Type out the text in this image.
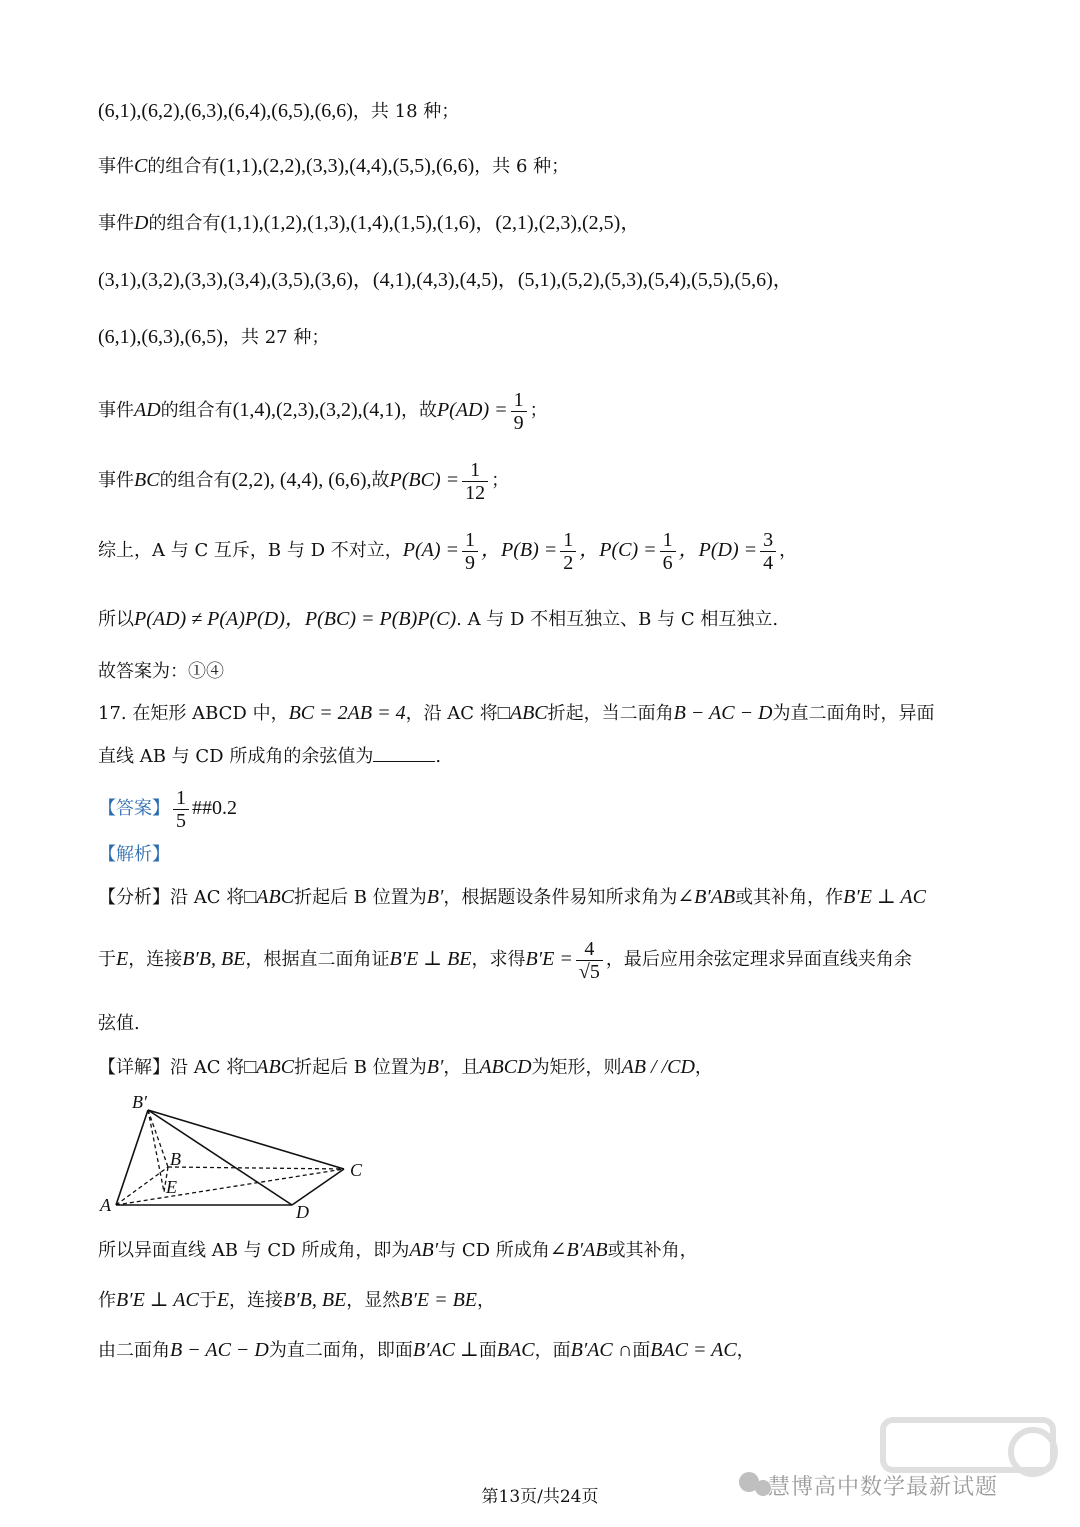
(6,1),(6,2),(6,3),(6,4),(6,5),(6,6)，共 18 种；
事件C的组合有(1,1),(2,2),(3,3),(4,4),(5,5),(6,6)，共 6 种；
事件D的组合有(1,1),(1,2),(1,3),(1,4),(1,5),(1,6)，(2,1),(2,3),(2,5)，
(3,1),(3,2),(3,3),(3,4),(3,5),(3,6)，(4,1),(4,3),(4,5)，(5,1),(5,2),(5,3),(5,4),(5,5),(5,6)，
(6,1),(6,3),(6,5)，共 27 种；
事件AD的组合有(1,4),(2,3),(3,2),(4,1)，故$P(AD) = \frac{1}{9}$ ；
事件BC的组合有(2,2), (4,4), (6,6),故$P(BC) = \frac{1}{12}$ ；
综上，A 与 C 互斥，B 与 D 不对立，$P(A) = \frac{1}{9}$ ，$P(B) = \frac{1}{2}$ ，$P(C) = \frac{1}{6}$ ，$P(D) = \frac{3}{4}$ ，
所以P(AD) ≠ P(A)P(D)，P(BC) = P(B)P(C). A 与 D 不相互独立、B 与 C 相互独立.
故答案为：①④
17. 在矩形 ABCD 中，BC = 2AB = 4，沿 AC 将□ABC折起，当二面角B − AC − D为直二面角时，异面
直线 AB 与 CD 所成角的余弦值为	.
【答案】 $\frac{1}{5}$ ##0.2
【解析】
【分析】沿 AC 将□ABC折起后 B 位置为B′，根据题设条件易知所求角为∠B′AB或其补角，作B′E ⊥ AC
于E，连接B′B, BE，根据直二面角证B′E ⊥ BE，求得$B'E = \frac{4}{√5}$ ，最后应用余弦定理求异面直线夹角余
弦值.
【详解】沿 AC 将□ABC折起后 B 位置为B′，且ABCD为矩形，则AB / /CD，
B′
B
E
A
C
D
所以异面直线 AB 与 CD 所成角，即为AB′与 CD 所成角∠B′AB或其补角，
作B′E ⊥ AC于E，连接B′B, BE，显然B′E = BE，
由二面角B − AC − D为直二面角，即面B′AC ⊥面BAC，面B′AC ∩面BAC = AC，
慧博高中数学最新试题
第13页/共24页
